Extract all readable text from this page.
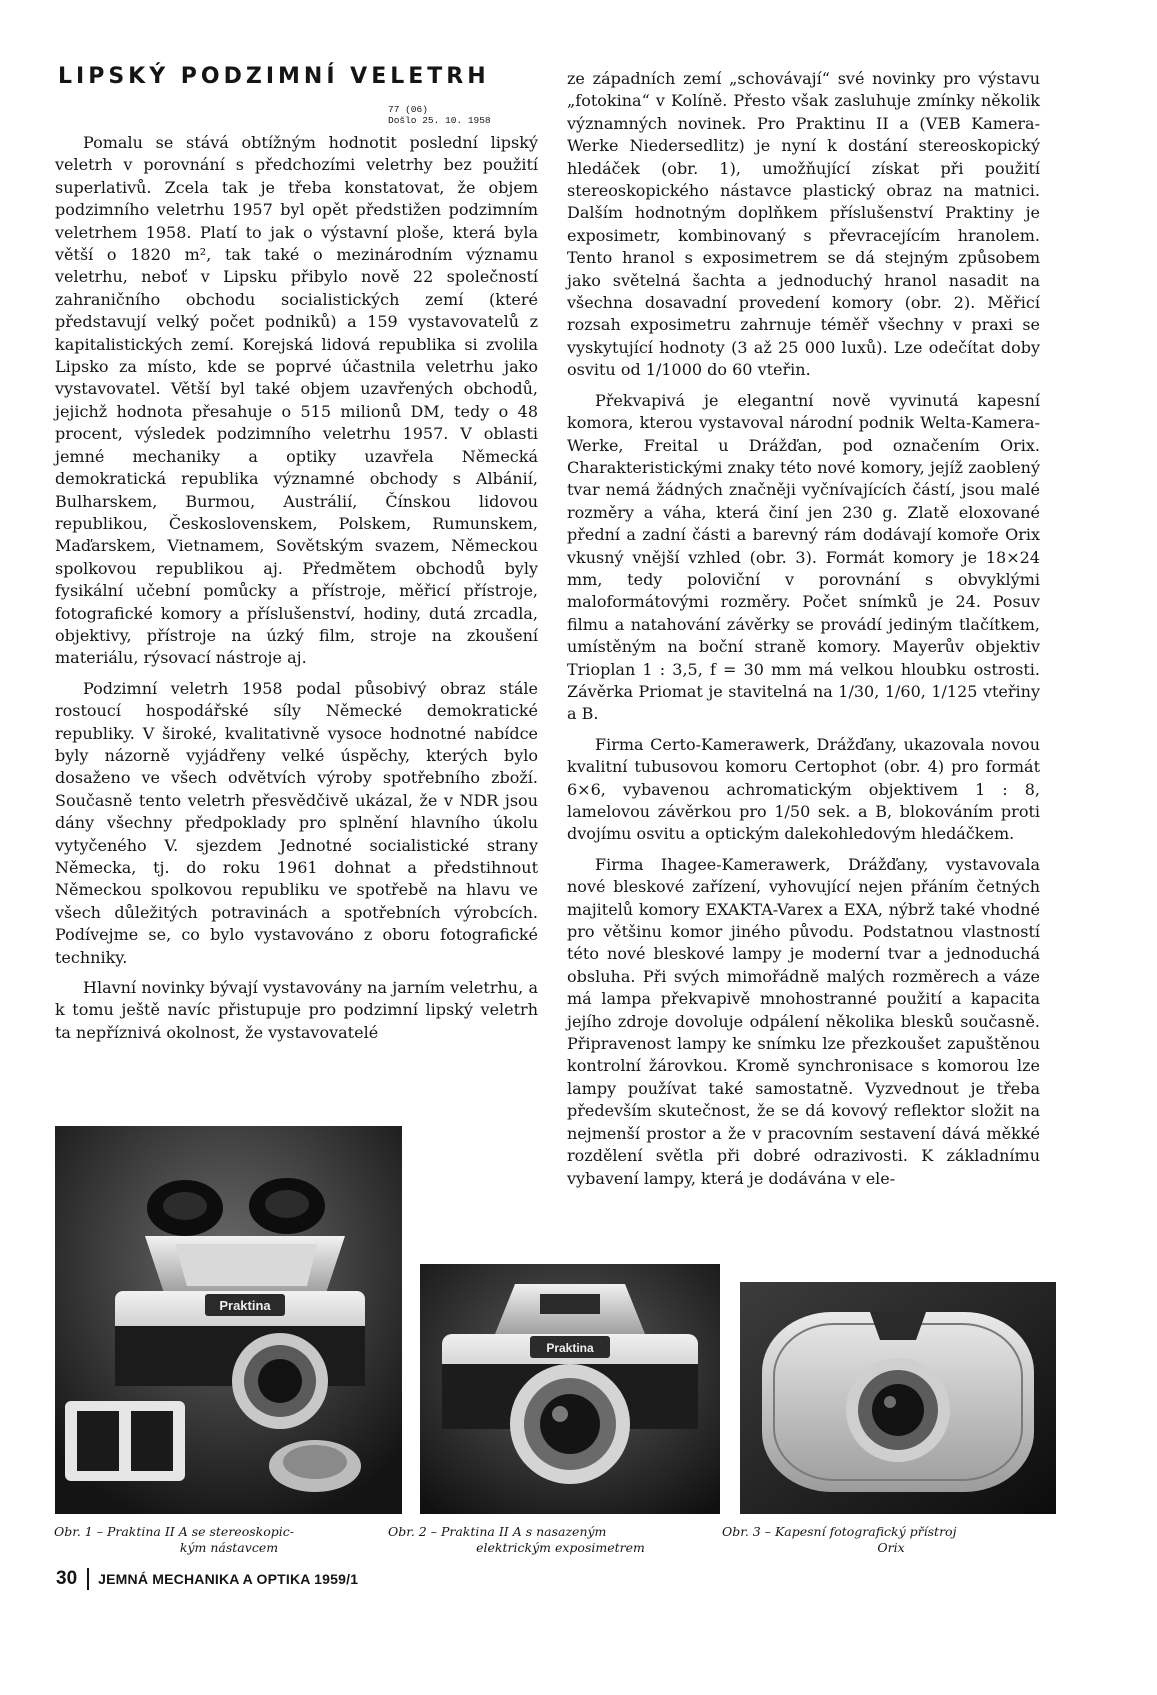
LIPSKÝ PODZIMNÍ VELETRH
77 (06)
Došlo 25. 10. 1958

Pomalu se stává obtížným hodnotit poslední lipský veletrh v porovnání s předchozími veletrhy bez použití superlativů. Zcela tak je třeba konstatovat, že objem podzimního veletrhu 1957 byl opět předstižen podzimním veletrhem 1958. Platí to jak o výstavní ploše, která byla větší o 1820 m², tak také o mezinárodním významu veletrhu, neboť v Lipsku přibylo nově 22 společností zahraničního obchodu socialistických zemí (které představují velký počet podniků) a 159 vystavovatelů z kapitalistických zemí. Korejská lidová republika si zvolila Lipsko za místo, kde se poprvé účastnila veletrhu jako vystavovatel. Větší byl také objem uzavřených obchodů, jejichž hodnota přesahuje o 515 milionů DM, tedy o 48 procent, výsledek podzimního veletrhu 1957. V oblasti jemné mechaniky a optiky uzavřela Německá demokratická republika významné obchody s Albánií, Bulharskem, Burmou, Austrálií, Čínskou lidovou republikou, Československem, Polskem, Rumunskem, Maďarskem, Vietnamem, Sovětským svazem, Německou spolkovou republikou aj. Předmětem obchodů byly fysikální učební pomůcky a přístroje, měřicí přístroje, fotografické komory a příslušenství, hodiny, dutá zrcadla, objektivy, přístroje na úzký film, stroje na zkoušení materiálu, rýsovací nástroje aj.

Podzimní veletrh 1958 podal působivý obraz stále rostoucí hospodářské síly Německé demokratické republiky. V široké, kvalitativně vysoce hodnotné nabídce byly názorně vyjádřeny velké úspěchy, kterých bylo dosaženo ve všech odvětvích výroby spotřebního zboží. Současně tento veletrh přesvědčivě ukázal, že v NDR jsou dány všechny předpoklady pro splnění hlavního úkolu vytyčeného V. sjezdem Jednotné socialistické strany Německa, tj. do roku 1961 dohnat a předstihnout Německou spolkovou republiku ve spotřebě na hlavu ve všech důležitých potravinách a spotřebních výrobcích. Podívejme se, co bylo vystavováno z oboru fotografické techniky.

Hlavní novinky bývají vystavovány na jarním veletrhu, a k tomu ještě navíc přistupuje pro podzimní lipský veletrh ta nepříznivá okolnost, že vystavovatelé

ze západních zemí „schovávají“ své novinky pro výstavu „fotokina“ v Kolíně. Přesto však zasluhuje zmínky několik významných novinek. Pro Praktinu II a (VEB Kamera-Werke Niedersedlitz) je nyní k dostání stereoskopický hledáček (obr. 1), umožňující získat při použití stereoskopického nástavce plastický obraz na matnici. Dalším hodnotným doplňkem příslušenství Praktiny je exposimetr, kombinovaný s převracejícím hranolem. Tento hranol s exposimetrem se dá stejným způsobem jako světelná šachta a jednoduchý hranol nasadit na všechna dosavadní provedení komory (obr. 2). Měřicí rozsah exposimetru zahrnuje téměř všechny v praxi se vyskytující hodnoty (3 až 25 000 luxů). Lze odečítat doby osvitu od 1/1000 do 60 vteřin.

Překvapivá je elegantní nově vyvinutá kapesní komora, kterou vystavoval národní podnik Welta-Kamera-Werke, Freital u Drážďan, pod označením Orix. Charakteristickými znaky této nové komory, jejíž zaoblený tvar nemá žádných značněji vyčnívajících částí, jsou malé rozměry a váha, která činí jen 230 g. Zlatě eloxované přední a zadní části a barevný rám dodávají komoře Orix vkusný vnější vzhled (obr. 3). Formát komory je 18×24 mm, tedy poloviční v porovnání s obvyklými maloformátovými rozměry. Počet snímků je 24. Posuv filmu a natahování závěrky se provádí jediným tlačítkem, umístěným na boční straně komory. Mayerův objektiv Trioplan 1 : 3,5, f = 30 mm má velkou hloubku ostrosti. Závěrka Priomat je stavitelná na 1/30, 1/60, 1/125 vteřiny a B.

Firma Certo-Kamerawerk, Drážďany, ukazovala novou kvalitní tubusovou komoru Certophot (obr. 4) pro formát 6×6, vybavenou achromatickým objektivem 1 : 8, lamelovou závěrkou pro 1/50 sek. a B, blokováním proti dvojímu osvitu a optickým dalekohledovým hledáčkem.

Firma Ihagee-Kamerawerk, Drážďany, vystavovala nové bleskové zařízení, vyhovující nejen přáním četných majitelů komory EXAKTA-Varex a EXA, nýbrž také vhodné pro většinu komor jiného původu. Podstatnou vlastností této nové bleskové lampy je moderní tvar a jednoduchá obsluha. Při svých mimořádně malých rozměrech a váze má lampa překvapivě mnohostranné použití a kapacita jejího zdroje dovoluje odpálení několika blesků současně. Připravenost lampy ke snímku lze přezkoušet zapuštěnou kontrolní žárovkou. Kromě synchronisace s komorou lze lampy používat také samostatně. Vyzvednout je třeba především skutečnost, že se dá kovový reflektor složit na nejmenší prostor a že v pracovním sestavení dává měkké rozdělení světla při dobré odrazivosti. K základnímu vybavení lampy, která je dodávána v ele-

Praktina
Praktina

Obr. 1 – Praktina II A se stereoskopic-
kým nástavcem

Obr. 2 – Praktina II A s nasazeným
elektrickým exposimetrem

Obr. 3 – Kapesní fotografický přístroj
Orix

30 JEMNÁ MECHANIKA A OPTIKA 1959/1
